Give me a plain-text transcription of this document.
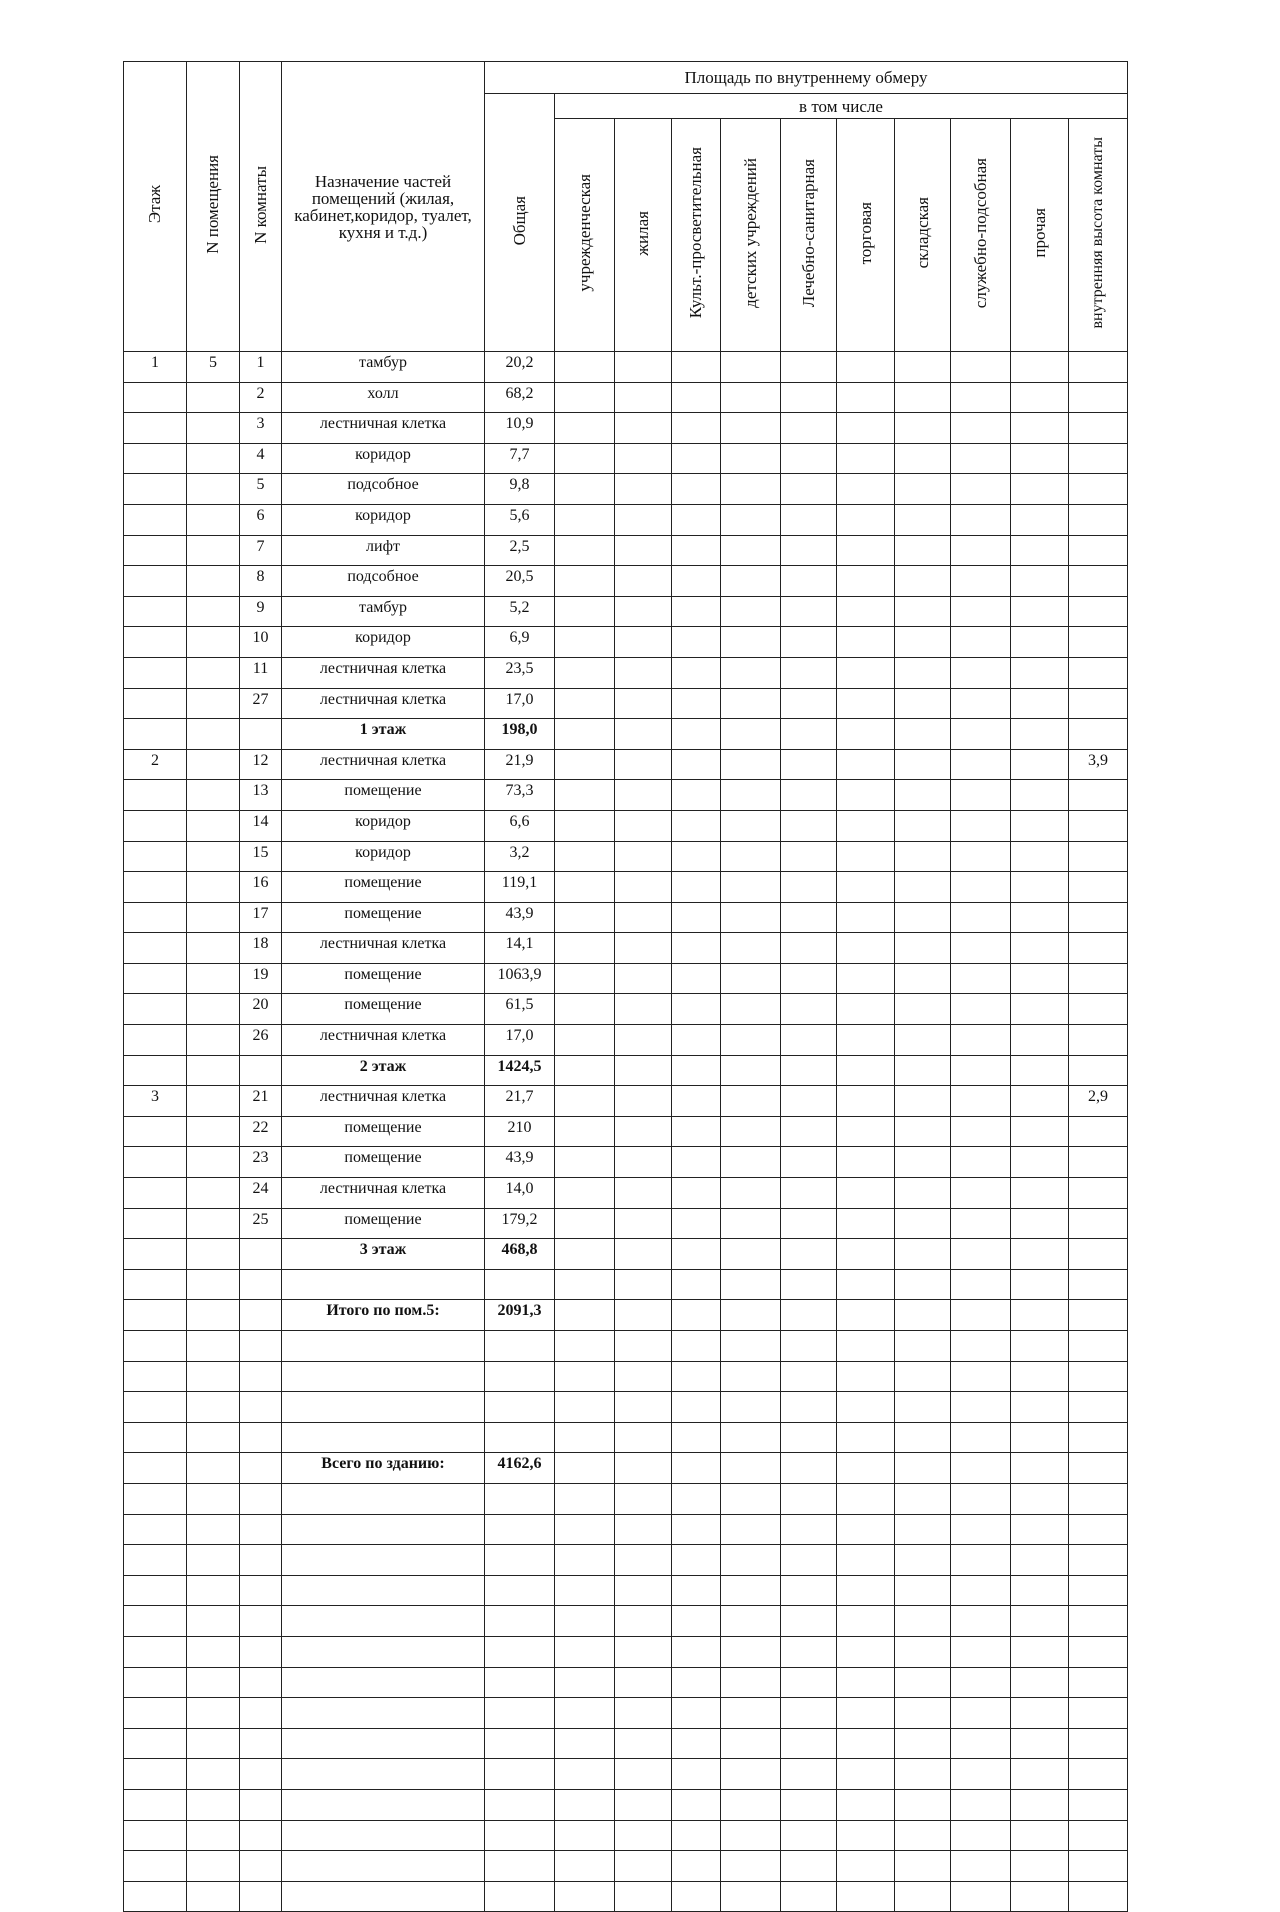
Этаж	N помещения	N комнаты	Назначение частей помещений (жилая, кабинет,коридор, туалет, кухня и т.д.)	Площадь по внутреннему обмеру										
				Общая	в том числе									
					учрежденческая	жилая	Культ.-просветительная	детских учреждений	Лечебно-санитарная	торговая	складская	служебно-подсобная	прочая	внутренняя высота комнаты
1	5	1	тамбур	20,2										
		2	холл	68,2										
		3	лестничная клетка	10,9										
		4	коридор	7,7										
		5	подсобное	9,8										
		6	коридор	5,6										
		7	лифт	2,5										
		8	подсобное	20,5										
		9	тамбур	5,2										
		10	коридор	6,9										
		11	лестничная клетка	23,5										
		27	лестничная клетка	17,0										
			1 этаж	198,0										
2		12	лестничная клетка	21,9										3,9
		13	помещение	73,3										
		14	коридор	6,6										
		15	коридор	3,2										
		16	помещение	119,1										
		17	помещение	43,9										
		18	лестничная клетка	14,1										
		19	помещение	1063,9										
		20	помещение	61,5										
		26	лестничная клетка	17,0										
			2 этаж	1424,5										
3		21	лестничная клетка	21,7										2,9
		22	помещение	210										
		23	помещение	43,9										
		24	лестничная клетка	14,0										
		25	помещение	179,2										
			3 этаж	468,8										

			Итого по пом.5:	2091,3										

			Всего по зданию:	4162,6										
